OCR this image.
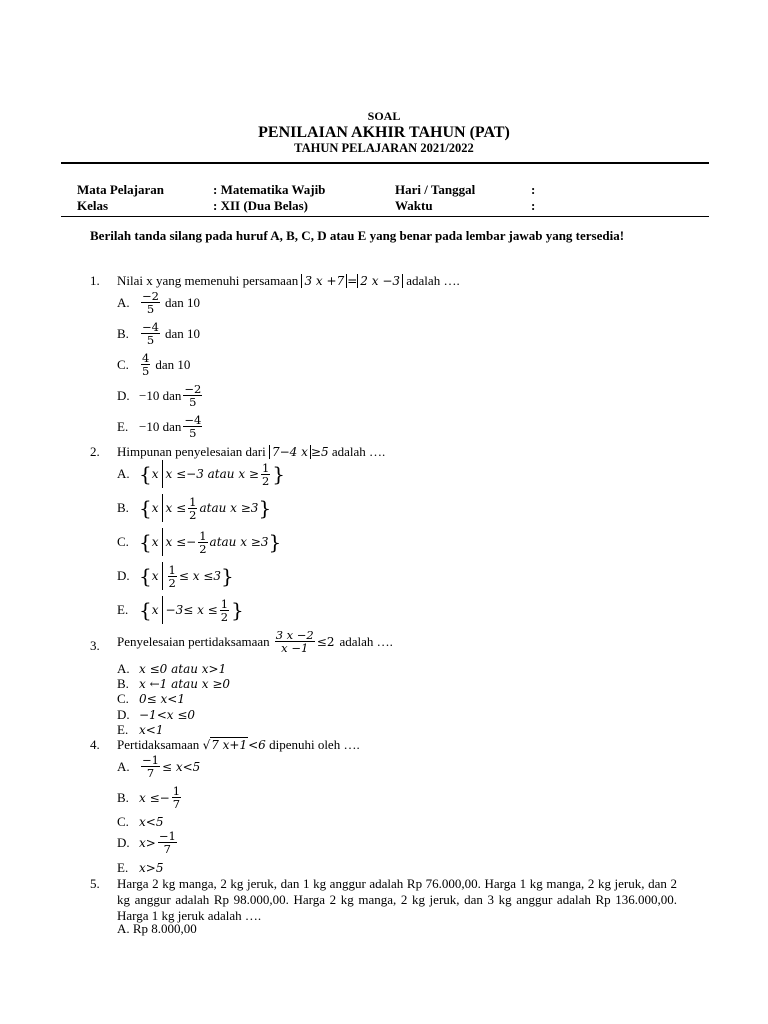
SOAL
PENILAIAN AKHIR TAHUN (PAT)
TAHUN PELAJARAN 2021/2022
Mata Pelajaran	: Matematika Wajib	Hari / Tanggal	:
Kelas	: XII (Dua Belas)	Waktu	:
Berilah tanda silang pada huruf A, B, C, D atau E yang benar pada lembar jawab yang tersedia!
1. Nilai x yang memenuhi persamaan 3 x +7 = 2 x −3 adalah ….
A. $\frac{-2}{5}$ dan 10
B.	$\frac{-4}{5}$ dan 10
C.	$\frac{4}{5}$ dan 10
D. −10 dan $\frac{-2}{5}$
E. −10 dan $\frac{-4}{5}$
2. Himpunan penyelesaian dari 7−4 x ≥5 adalah ….
A. { x x ≤−3 atau $x \ge \frac{1}{2}$ }
B. { x $x \le \frac{1}{2}$ atau x ≥3 }
C. { x $x \le- \frac{1}{2}$ atau x ≥3 }
D. { x $\frac{1}{2} \le x \le 3$ }
E. { $x -3\le x \le \frac{1}{2}$ }
3. Penyelesaian pertidaksamaan $\frac{3 x -2}{x -1} \le 2$ adalah ….
A. x ≤0 atau x>1
B. x ←1 atau x ≥0
C. 0≤ x<1
D. −1<x ≤0
E. x<1
4. Pertidaksamaan √7 x+1<6 dipenuhi oleh ….
A. $\frac{-1}{7} \le x<5$
B. $x \le- \frac{1}{7}$
C. x<5
D. $x> \frac{-1}{7}$
E. x>5
5. Harga 2 kg manga, 2 kg jeruk, dan 1 kg anggur adalah Rp 76.000,00. Harga 1 kg manga, 2 kg jeruk, dan 2 kg anggur adalah Rp 98.000,00. Harga 2 kg manga, 2 kg jeruk, dan 3 kg anggur adalah Rp 136.000,00. Harga 1 kg jeruk adalah ….
A. Rp 8.000,00
